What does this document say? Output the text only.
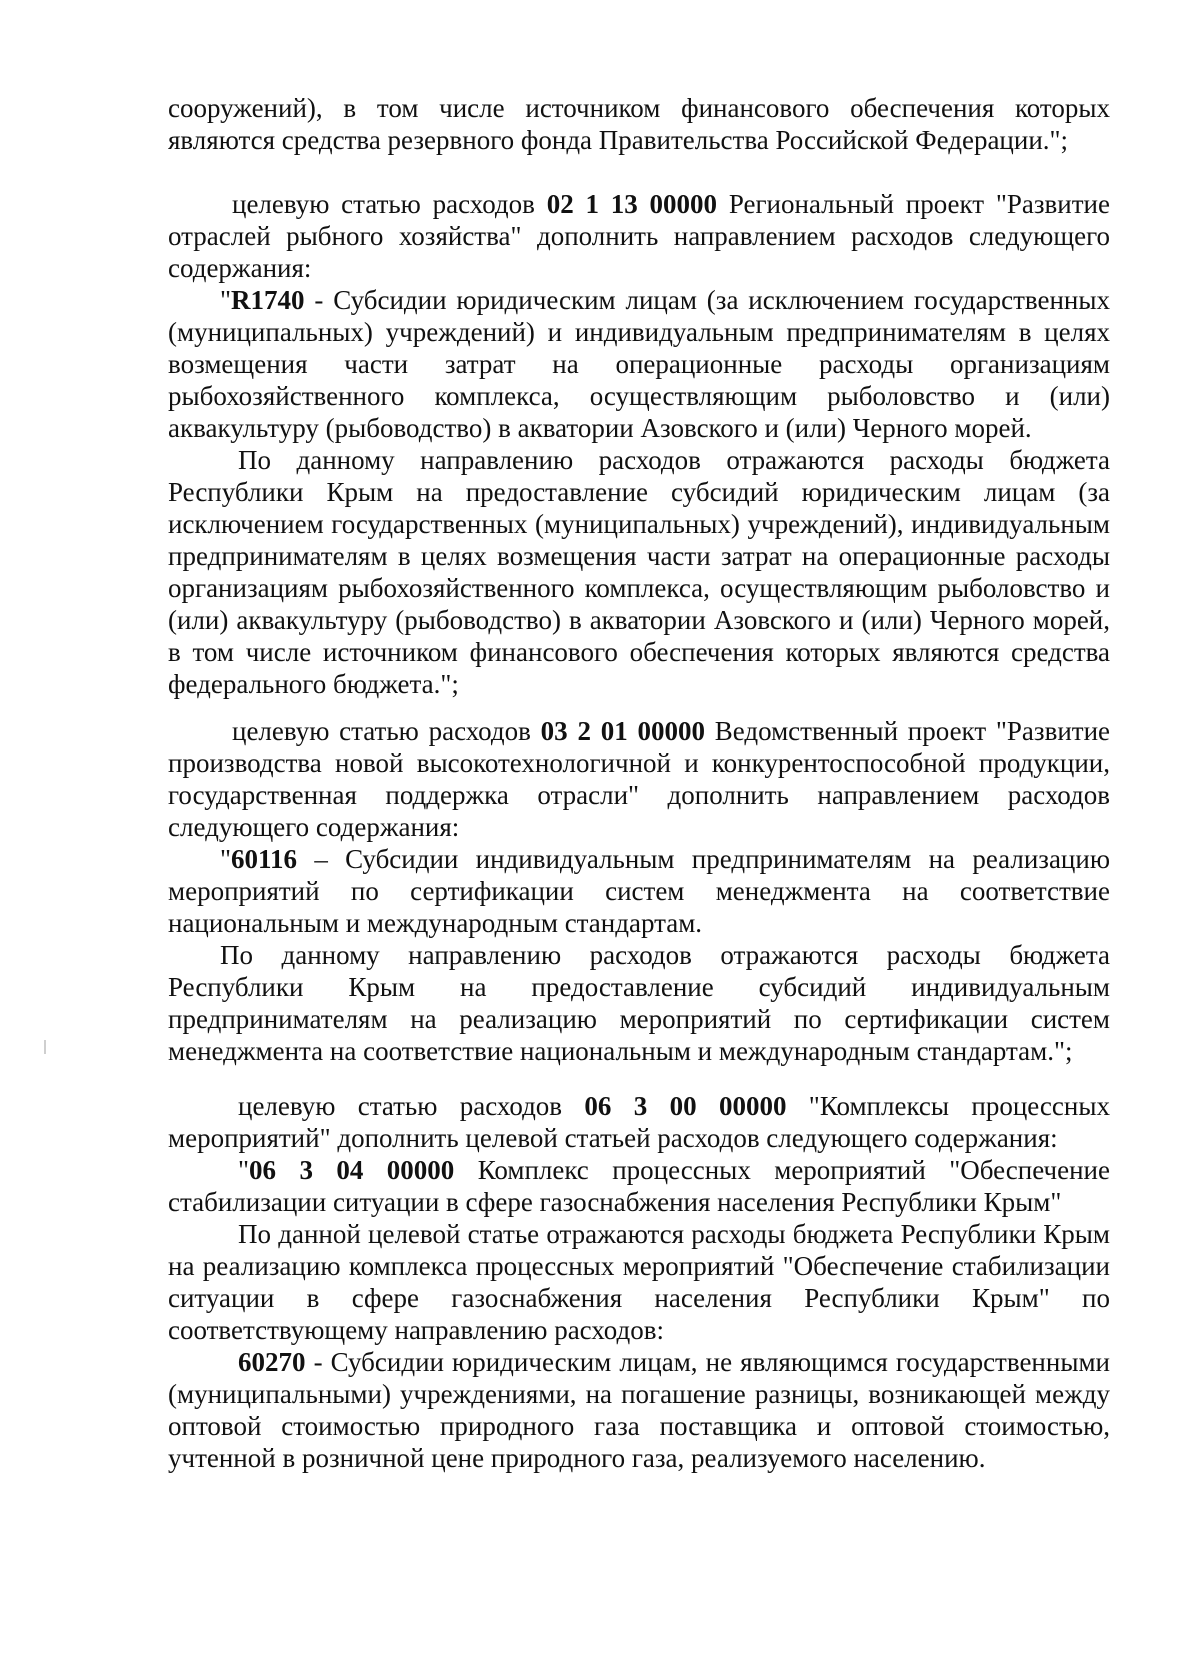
сооружений), в том числе источником финансового обеспечения которых являются средства резервного фонда Правительства Российской Федерации.";

целевую статью расходов 02 1 13 00000 Региональный проект "Развитие отраслей рыбного хозяйства" дополнить направлением расходов следующего содержания:

"R1740 - Субсидии юридическим лицам (за исключением государственных (муниципальных) учреждений) и индивидуальным предпринимателям в целях возмещения части затрат на операционные расходы организациям рыбохозяйственного комплекса, осуществляющим рыболовство и (или) аквакультуру (рыбоводство) в акватории Азовского и (или) Черного морей.

По данному направлению расходов отражаются расходы бюджета Республики Крым на предоставление субсидий юридическим лицам (за исключением государственных (муниципальных) учреждений), индивидуальным предпринимателям в целях возмещения части затрат на операционные расходы организациям рыбохозяйственного комплекса, осуществляющим рыболовство и (или) аквакультуру (рыбоводство) в акватории Азовского и (или) Черного морей, в том числе источником финансового обеспечения которых являются средства федерального бюджета.";

целевую статью расходов 03 2 01 00000 Ведомственный проект "Развитие производства новой высокотехнологичной и конкурентоспособной продукции, государственная поддержка отрасли" дополнить направлением расходов следующего содержания:

"60116 – Субсидии индивидуальным предпринимателям на реализацию мероприятий по сертификации систем менеджмента на соответствие национальным и международным стандартам.

По данному направлению расходов отражаются расходы бюджета Республики Крым на предоставление субсидий индивидуальным предпринимателям на реализацию мероприятий по сертификации систем менеджмента на соответствие национальным и международным стандартам.";

целевую статью расходов 06 3 00 00000 "Комплексы процессных мероприятий" дополнить целевой статьей расходов следующего содержания:

"06 3 04 00000 Комплекс процессных мероприятий "Обеспечение стабилизации ситуации в сфере газоснабжения населения Республики Крым"

По данной целевой статье отражаются расходы бюджета Республики Крым на реализацию комплекса процессных мероприятий "Обеспечение стабилизации ситуации в сфере газоснабжения населения Республики Крым" по соответствующему направлению расходов:

60270 - Субсидии юридическим лицам, не являющимся государственными (муниципальными) учреждениями, на погашение разницы, возникающей между оптовой стоимостью природного газа поставщика и оптовой стоимостью, учтенной в розничной цене природного газа, реализуемого населению.
